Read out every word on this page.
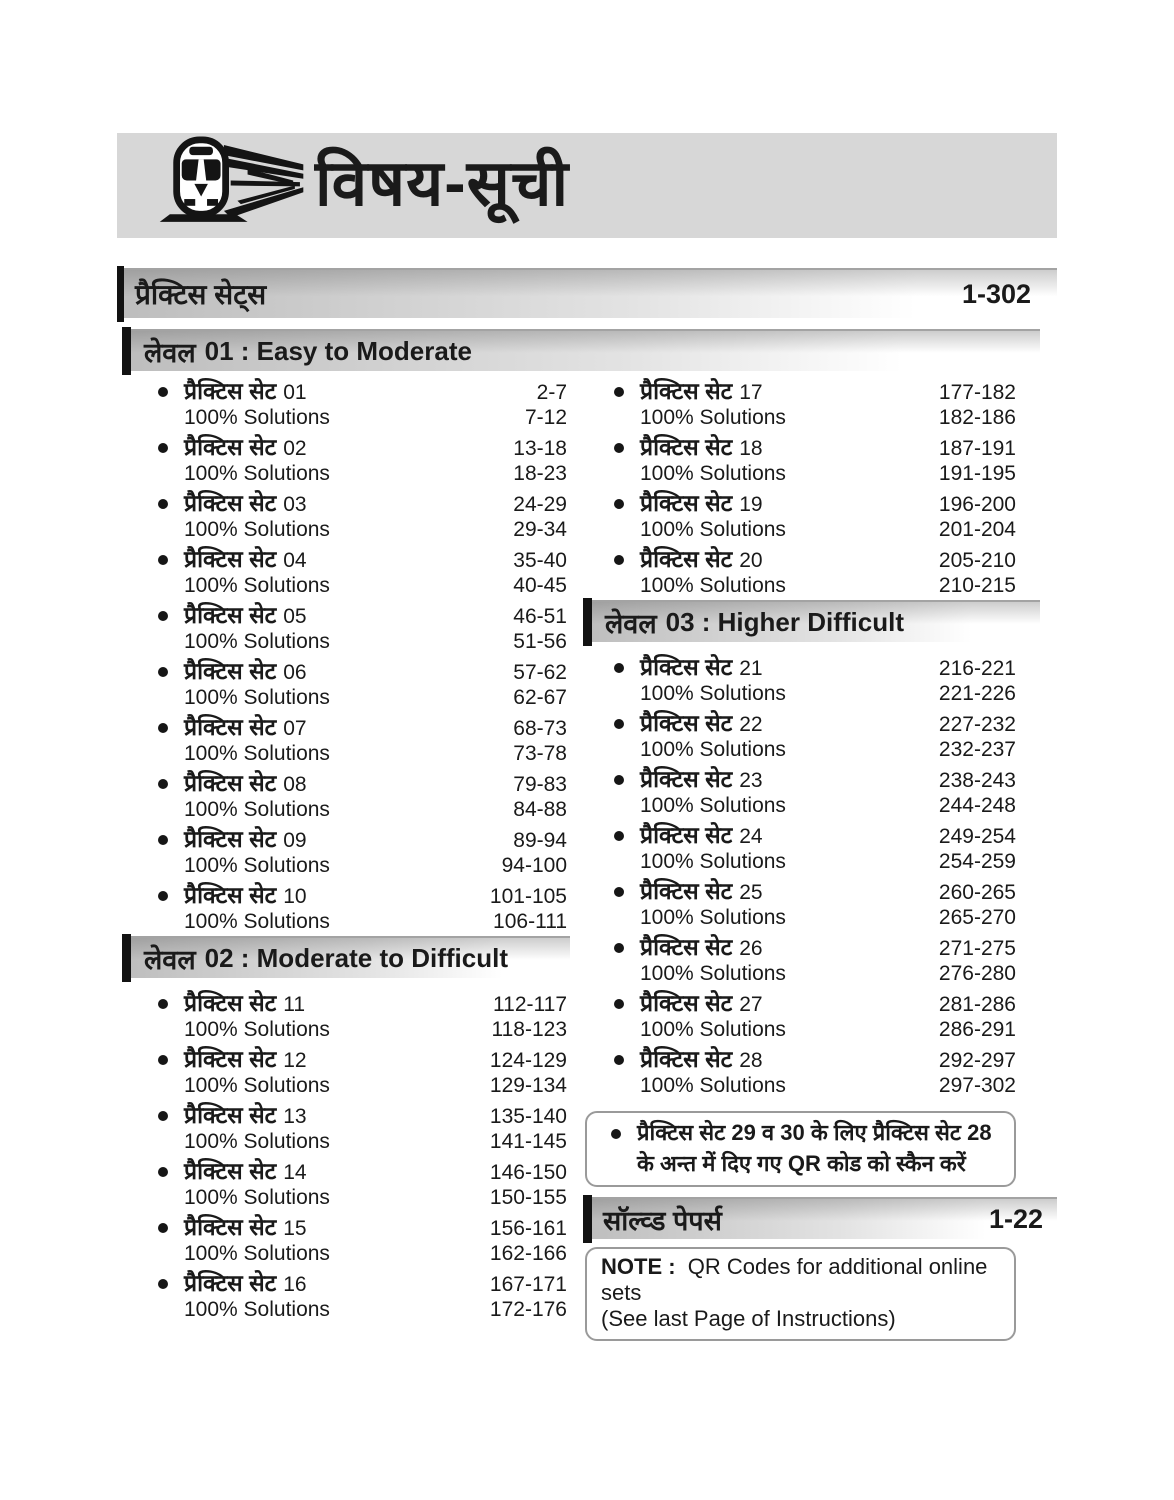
विषय-सूची
प्रैक्टिस सेट्स	1-302
लेवल 01 : Easy to Moderate
प्रैक्टिस सेट 01	2-7
100% Solutions	7-12
प्रैक्टिस सेट 02	13-18
100% Solutions	18-23
प्रैक्टिस सेट 03	24-29
100% Solutions	29-34
प्रैक्टिस सेट 04	35-40
100% Solutions	40-45
प्रैक्टिस सेट 05	46-51
100% Solutions	51-56
प्रैक्टिस सेट 06	57-62
100% Solutions	62-67
प्रैक्टिस सेट 07	68-73
100% Solutions	73-78
प्रैक्टिस सेट 08	79-83
100% Solutions	84-88
प्रैक्टिस सेट 09	89-94
100% Solutions	94-100
प्रैक्टिस सेट 10	101-105
100% Solutions	106-111
लेवल 02 : Moderate to Difficult
प्रैक्टिस सेट 11	112-117
100% Solutions	118-123
प्रैक्टिस सेट 12	124-129
100% Solutions	129-134
प्रैक्टिस सेट 13	135-140
100% Solutions	141-145
प्रैक्टिस सेट 14	146-150
100% Solutions	150-155
प्रैक्टिस सेट 15	156-161
100% Solutions	162-166
प्रैक्टिस सेट 16	167-171
100% Solutions	172-176
प्रैक्टिस सेट 17	177-182
100% Solutions	182-186
प्रैक्टिस सेट 18	187-191
100% Solutions	191-195
प्रैक्टिस सेट 19	196-200
100% Solutions	201-204
प्रैक्टिस सेट 20	205-210
100% Solutions	210-215
लेवल 03 : Higher Difficult
प्रैक्टिस सेट 21	216-221
100% Solutions	221-226
प्रैक्टिस सेट 22	227-232
100% Solutions	232-237
प्रैक्टिस सेट 23	238-243
100% Solutions	244-248
प्रैक्टिस सेट 24	249-254
100% Solutions	254-259
प्रैक्टिस सेट 25	260-265
100% Solutions	265-270
प्रैक्टिस सेट 26	271-275
100% Solutions	276-280
प्रैक्टिस सेट 27	281-286
100% Solutions	286-291
प्रैक्टिस सेट 28	292-297
100% Solutions	297-302
प्रैक्टिस सेट 29 व 30 के लिए प्रैक्टिस सेट 28 के अन्त में दिए गए QR कोड को स्कैन करें
सॉल्व्ड पेपर्स	1-22
NOTE : QR Codes for additional online sets
(See last Page of Instructions)
